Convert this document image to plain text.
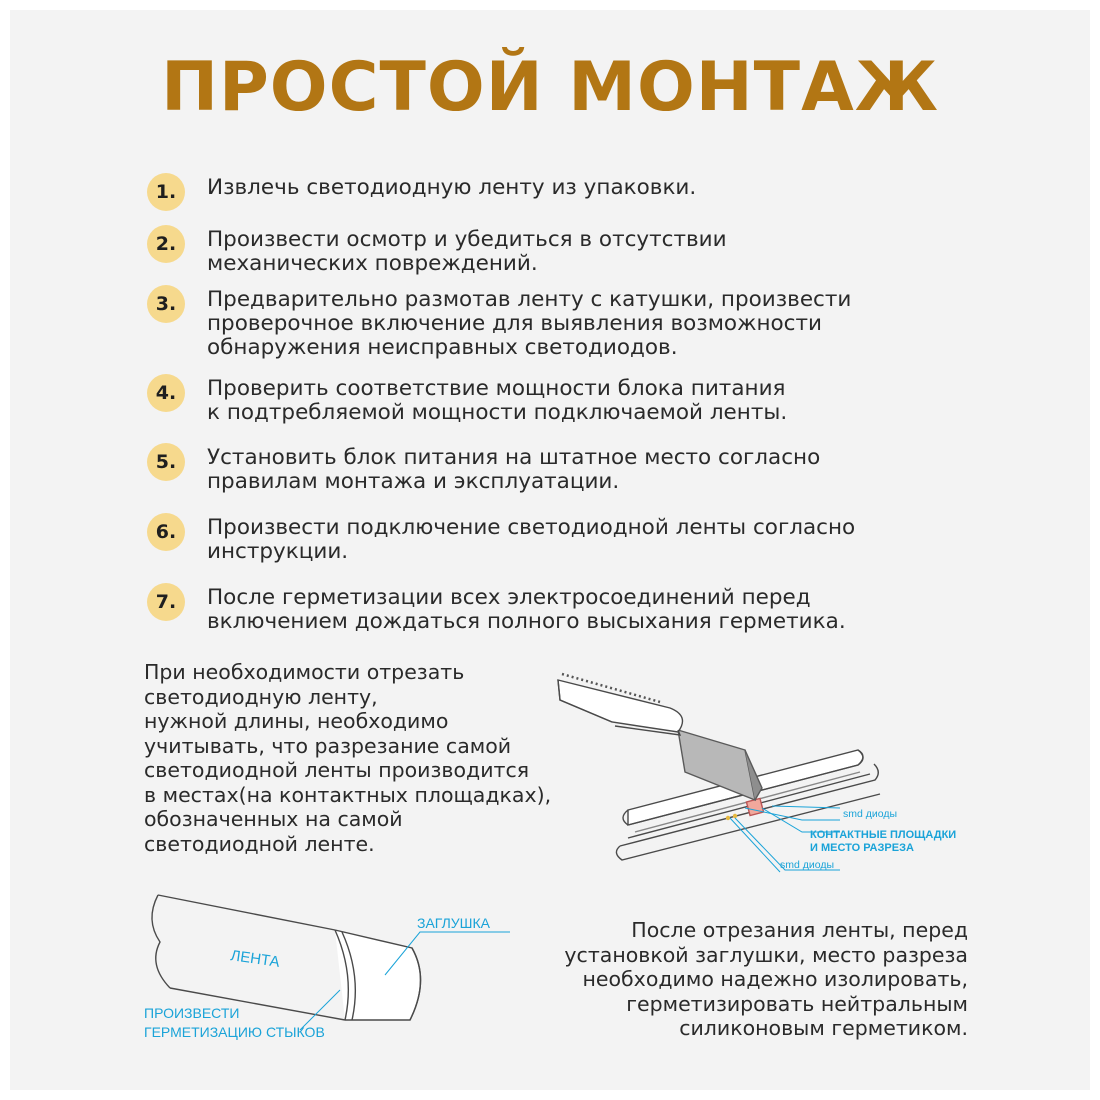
ПРОСТОЙ МОНТАЖ
1.	Извлечь светодиодную ленту из упаковки.
2.	Произвести осмотр и убедиться в отсутствии
механических повреждений.
3.	Предварительно размотав ленту с катушки, произвести
проверочное включение для выявления возможности
обнаружения неисправных светодиодов.
4.	Проверить соответствие мощности блока питания
к подтребляемой мощности подключаемой ленты.
5.	Установить блок питания на штатное место согласно
правилам монтажа и эксплуатации.
6.	Произвести подключение светодиодной ленты согласно
инструкции.
7.	После герметизации всех электросоединений перед
включением дождаться полного высыхания герметика.
При необходимости отрезать
светодиодную ленту,
нужной длины, необходимо
учитывать, что разрезание самой
светодиодной ленты производится
в местах(на контактных площадках),
обозначенных на самой
светодиодной ленте.
smd диоды
КОНТАКТНЫЕ ПЛОЩАДКИ
И МЕСТО РАЗРЕЗА
smd диоды
ЗАГЛУШКА
ЛЕНТА
ПРОИЗВЕСТИ
ГЕРМЕТИЗАЦИЮ СТЫКОВ
После отрезания ленты, перед
установкой заглушки, место разреза
необходимо надежно изолировать,
герметизировать нейтральным
силиконовым герметиком.
